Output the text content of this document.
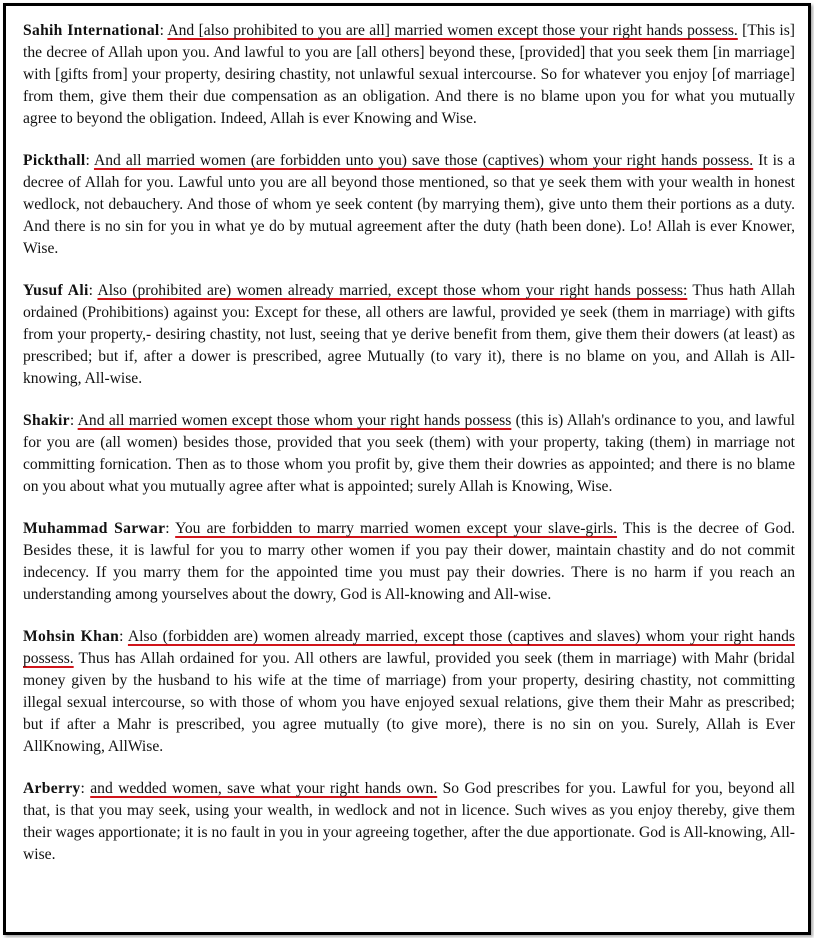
Sahih International: And [also prohibited to you are all] married women except those your right hands possess. [This is] the decree of Allah upon you. And lawful to you are [all others] beyond these, [provided] that you seek them [in marriage] with [gifts from] your property, desiring chastity, not unlawful sexual intercourse. So for whatever you enjoy [of marriage] from them, give them their due compensation as an obligation. And there is no blame upon you for what you mutually agree to beyond the obligation. Indeed, Allah is ever Knowing and Wise.

Pickthall: And all married women (are forbidden unto you) save those (captives) whom your right hands possess. It is a decree of Allah for you. Lawful unto you are all beyond those mentioned, so that ye seek them with your wealth in honest wedlock, not debauchery. And those of whom ye seek content (by marrying them), give unto them their portions as a duty. And there is no sin for you in what ye do by mutual agreement after the duty (hath been done). Lo! Allah is ever Knower, Wise.

Yusuf Ali: Also (prohibited are) women already married, except those whom your right hands possess: Thus hath Allah ordained (Prohibitions) against you: Except for these, all others are lawful, provided ye seek (them in marriage) with gifts from your property,- desiring chastity, not lust, seeing that ye derive benefit from them, give them their dowers (at least) as prescribed; but if, after a dower is prescribed, agree Mutually (to vary it), there is no blame on you, and Allah is All-knowing, All-wise.

Shakir: And all married women except those whom your right hands possess (this is) Allah's ordinance to you, and lawful for you are (all women) besides those, provided that you seek (them) with your property, taking (them) in marriage not committing fornication. Then as to those whom you profit by, give them their dowries as appointed; and there is no blame on you about what you mutually agree after what is appointed; surely Allah is Knowing, Wise.

Muhammad Sarwar: You are forbidden to marry married women except your slave-girls. This is the decree of God. Besides these, it is lawful for you to marry other women if you pay their dower, maintain chastity and do not commit indecency. If you marry them for the appointed time you must pay their dowries. There is no harm if you reach an understanding among yourselves about the dowry, God is All-knowing and All-wise.

Mohsin Khan: Also (forbidden are) women already married, except those (captives and slaves) whom your right hands possess. Thus has Allah ordained for you. All others are lawful, provided you seek (them in marriage) with Mahr (bridal money given by the husband to his wife at the time of marriage) from your property, desiring chastity, not committing illegal sexual intercourse, so with those of whom you have enjoyed sexual relations, give them their Mahr as prescribed; but if after a Mahr is prescribed, you agree mutually (to give more), there is no sin on you. Surely, Allah is Ever AllKnowing, AllWise.

Arberry: and wedded women, save what your right hands own. So God prescribes for you. Lawful for you, beyond all that, is that you may seek, using your wealth, in wedlock and not in licence. Such wives as you enjoy thereby, give them their wages apportionate; it is no fault in you in your agreeing together, after the due apportionate. God is All-knowing, All-wise.
